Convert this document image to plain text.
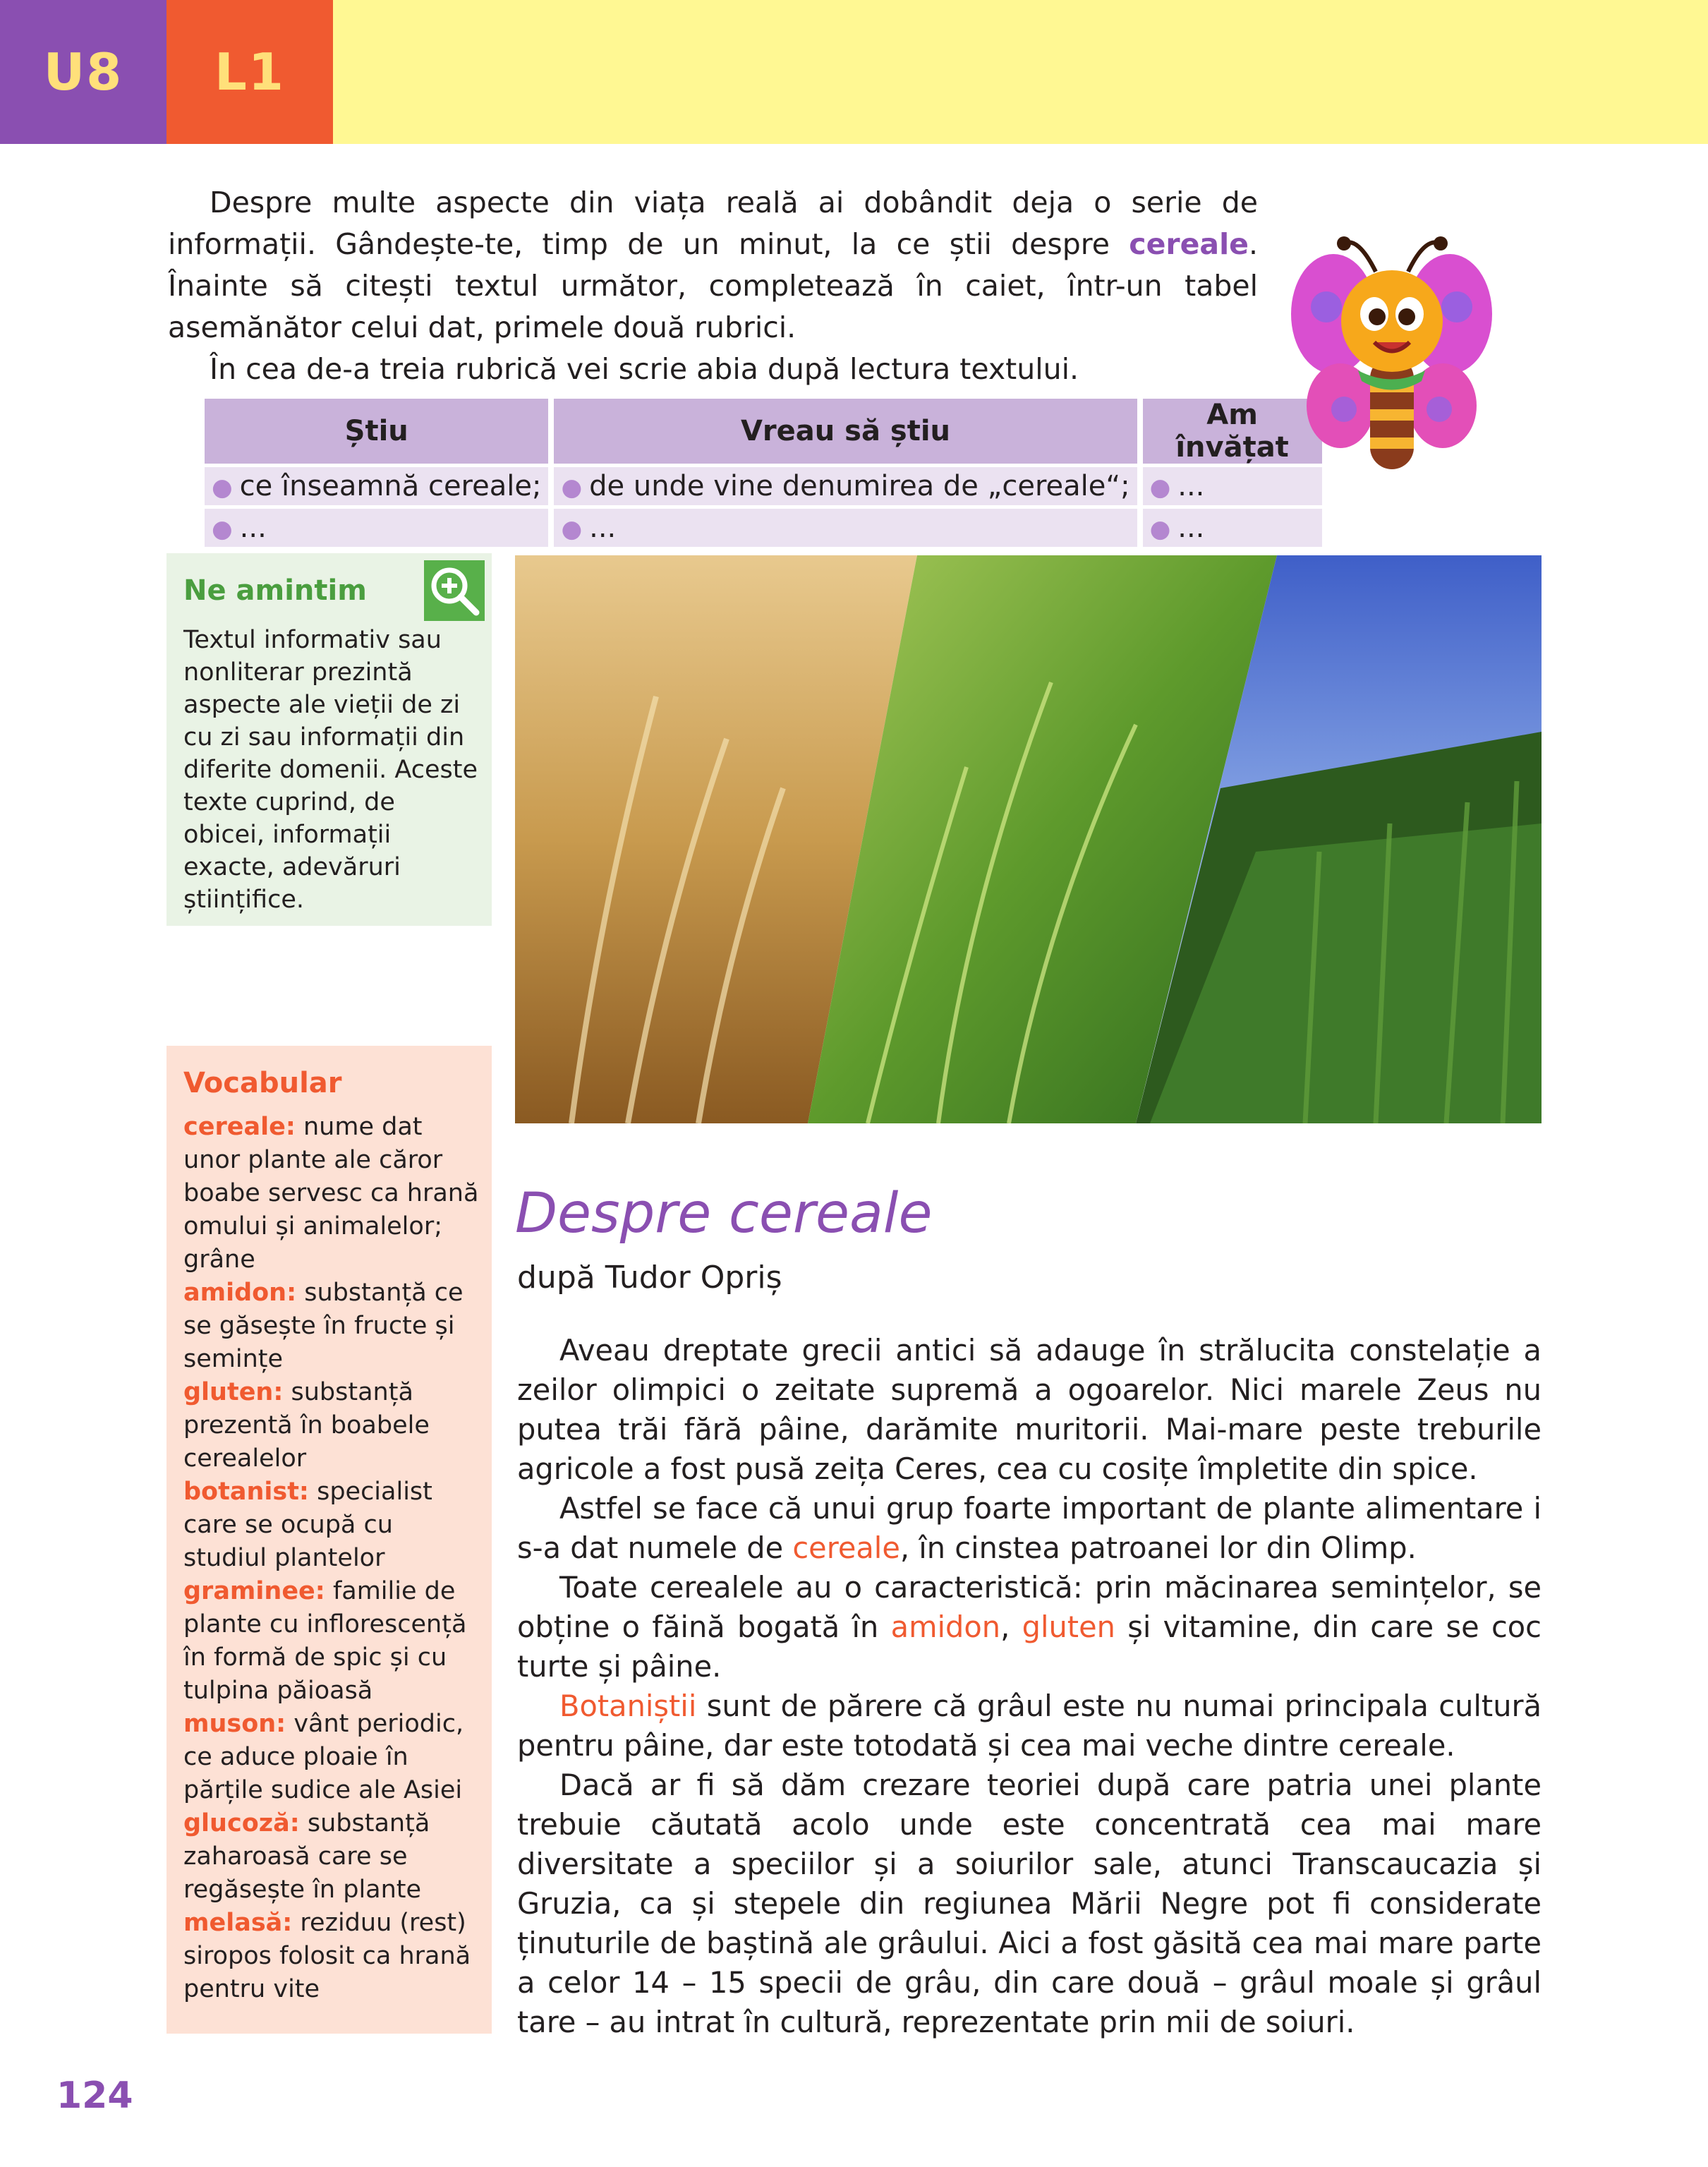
U8 L1

Despre multe aspecte din viața reală ai dobândit deja o serie de informații. Gândește-te, timp de un minut, la ce știi despre cereale. Înainte să citești textul următor, completează în caiet, într-un tabel asemănător celui dat, primele două rubrici.

În cea de-a treia rubrică vei scrie abia după lectura textului.

Știu	Vreau să știu	Am învățat
● ce înseamnă cereale;	● de unde vine denumirea de „cereale“;	● ...
● ...	● ...	● ...
Ne amintim
Textul informativ sau nonliterar prezintă aspecte ale vieții de zi cu zi sau informații din diferite domenii. Aceste texte cuprind, de obicei, informații exacte, adevăruri științifice.
Vocabular
cereale: nume dat unor plante ale căror boabe servesc ca hrană omului și animalelor; grâne
amidon: substanță ce se găsește în fructe și semințe
gluten: substanță prezentă în boabele cerealelor
botanist: specialist care se ocupă cu studiul plantelor
graminee: familie de plante cu inflorescență în formă de spic și cu tulpina păioasă
muson: vânt periodic, ce aduce ploaie în părțile sudice ale Asiei
glucoză: substanță zaharoasă care se regăsește în plante
melasă: reziduu (rest) siropos folosit ca hrană pentru vite
Despre cereale
după Tudor Opriș

Aveau dreptate grecii antici să adauge în strălucita constelație a zeilor olimpici o zeitate supremă a ogoarelor. Nici marele Zeus nu putea trăi fără pâine, darămite muritorii. Mai-mare peste treburile agricole a fost pusă zeița Ceres, cea cu cosițe împletite din spice.

Astfel se face că unui grup foarte important de plante alimentare i s-a dat numele de cereale, în cinstea patroanei lor din Olimp.

Toate cerealele au o caracteristică: prin măcinarea semințelor, se obține o făină bogată în amidon, gluten și vitamine, din care se coc turte și pâine.

Botaniștii sunt de părere că grâul este nu numai principala cultură pentru pâine, dar este totodată și cea mai veche dintre cereale.

Dacă ar fi să dăm crezare teoriei după care patria unei plante trebuie căutată acolo unde este concentrată cea mai mare diversitate a speciilor și a soiurilor sale, atunci Transcaucazia și Gruzia, ca și stepele din regiunea Mării Negre pot fi considerate ținuturile de baștină ale grâului. Aici a fost găsită cea mai mare parte a celor 14 – 15 specii de grâu, din care două – grâul moale și grâul tare – au intrat în cultură, reprezentate prin mii de soiuri.

124
